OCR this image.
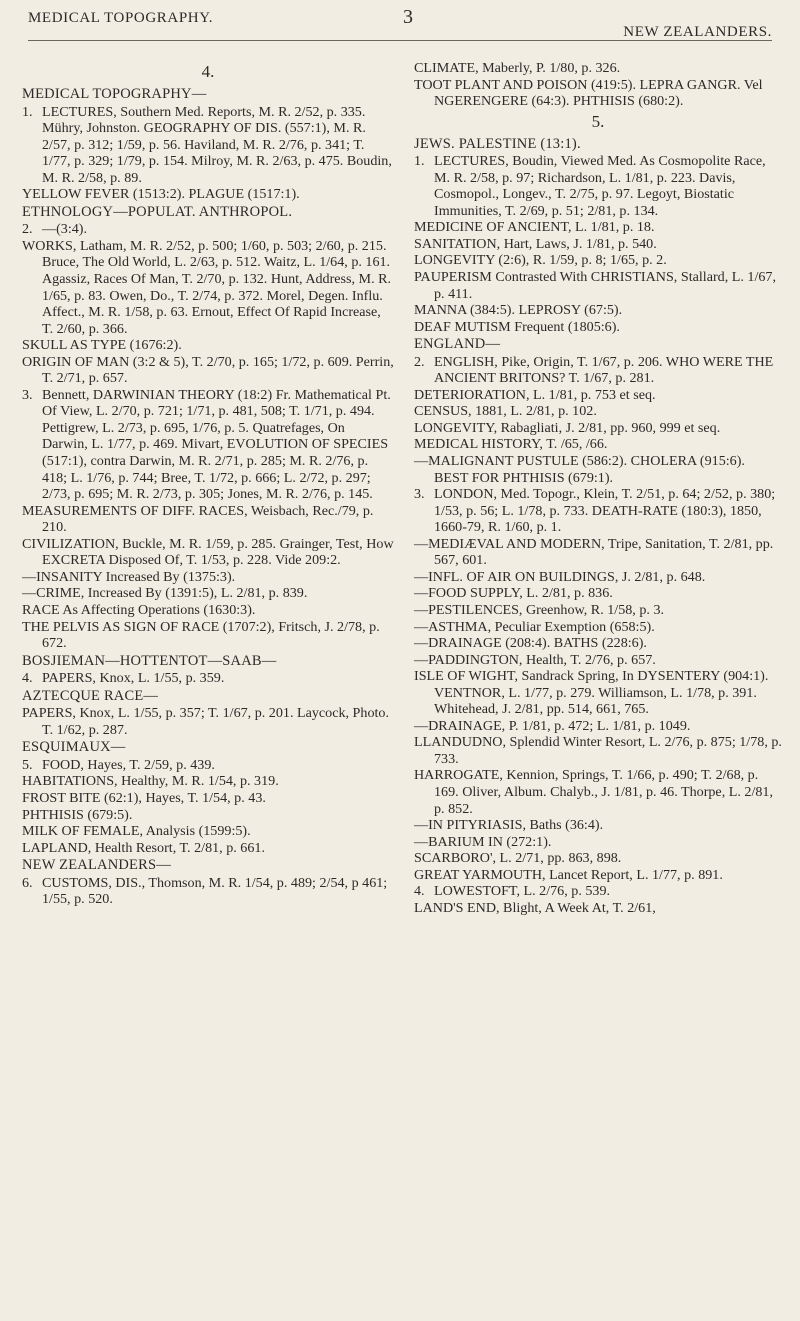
MEDICAL TOPOGRAPHY.	3
NEW ZEALANDERS.
4.
MEDICAL TOPOGRAPHY—
1. LECTURES, Southern Med. Reports, M. R. 2/52, p. 335. Mühry, Johnston. GEOGRAPHY OF DIS. (557:1), M. R. 2/57, p. 312; 1/59, p. 56. Haviland, M. R. 2/76, p. 341; T. 1/77, p. 329; 1/79, p. 154. Milroy, M. R. 2/63, p. 475. Boudin, M. R. 2/58, p. 89.
YELLOW FEVER (1513:2). PLAGUE (1517:1).
ETHNOLOGY—POPULAT. ANTHROPOL.
2. —(3:4).
WORKS, Latham, M. R. 2/52, p. 500; 1/60, p. 503; 2/60, p. 215. Bruce, The Old World, L. 2/63, p. 512. Waitz, L. 1/64, p. 161. Agassiz, Races Of Man, T. 2/70, p. 132. Hunt, Address, M. R. 1/65, p. 83. Owen, Do., T. 2/74, p. 372. Morel, Degen. Influ. Affect., M. R. 1/58, p. 63. Ernout, Effect Of Rapid Increase, T. 2/60, p. 366.
SKULL AS TYPE (1676:2).
ORIGIN OF MAN (3:2 & 5), T. 2/70, p. 165; 1/72, p. 609. Perrin, T. 2/71, p. 657.
3. Bennett, DARWINIAN THEORY (18:2) Fr. Mathematical Pt. Of View, L. 2/70, p. 721; 1/71, p. 481, 508; T. 1/71, p. 494. Pettigrew, L. 2/73, p. 695, 1/76, p. 5. Quatrefages, On Darwin, L. 1/77, p. 469. Mivart, EVOLUTION OF SPECIES (517:1), contra Darwin, M. R. 2/71, p. 285; M. R. 2/76, p. 418; L. 1/76, p. 744; Bree, T. 1/72, p. 666; L. 2/72, p. 297; 2/73, p. 695; M. R. 2/73, p. 305; Jones, M. R. 2/76, p. 145.
MEASUREMENTS OF DIFF. RACES, Weisbach, Rec./79, p. 210.
CIVILIZATION, Buckle, M. R. 1/59, p. 285. Grainger, Test, How EXCRETA Disposed Of, T. 1/53, p. 228. Vide 209:2.
—INSANITY Increased By (1375:3).
—CRIME, Increased By (1391:5), L. 2/81, p. 839.
RACE As Affecting Operations (1630:3).
THE PELVIS AS SIGN OF RACE (1707:2), Fritsch, J. 2/78, p. 672.
BOSJIEMAN—HOTTENTOT—SAAB—
4. PAPERS, Knox, L. 1/55, p. 359.
AZTECQUE RACE—
PAPERS, Knox, L. 1/55, p. 357; T. 1/67, p. 201. Laycock, Photo. T. 1/62, p. 287.
ESQUIMAUX—
5. FOOD, Hayes, T. 2/59, p. 439.
HABITATIONS, Healthy, M. R. 1/54, p. 319.
FROST BITE (62:1), Hayes, T. 1/54, p. 43.
PHTHISIS (679:5).
MILK OF FEMALE, Analysis (1599:5).
LAPLAND, Health Resort, T. 2/81, p. 661.
NEW ZEALANDERS—
6. CUSTOMS, DIS., Thomson, M. R. 1/54, p. 489; 2/54, p 461; 1/55, p. 520.
CLIMATE, Maberly, P. 1/80, p. 326.
TOOT PLANT AND POISON (419:5). LEPRA GANGR. Vel NGERENGERE (64:3). PHTHISIS (680:2).
5.
JEWS. PALESTINE (13:1).
1. LECTURES, Boudin, Viewed Med. As Cosmopolite Race, M. R. 2/58, p. 97; Richardson, L. 1/81, p. 223. Davis, Cosmopol., Longev., T. 2/75, p. 97. Legoyt, Biostatic Immunities, T. 2/69, p. 51; 2/81, p. 134.
MEDICINE OF ANCIENT, L. 1/81, p. 18.
SANITATION, Hart, Laws, J. 1/81, p. 540.
LONGEVITY (2:6), R. 1/59, p. 8; 1/65, p. 2.
PAUPERISM Contrasted With CHRISTIANS, Stallard, L. 1/67, p. 411.
MANNA (384:5). LEPROSY (67:5).
DEAF MUTISM Frequent (1805:6).
ENGLAND—
2. ENGLISH, Pike, Origin, T. 1/67, p. 206. WHO WERE THE ANCIENT BRITONS? T. 1/67, p. 281.
DETERIORATION, L. 1/81, p. 753 et seq.
CENSUS, 1881, L. 2/81, p. 102.
LONGEVITY, Rabagliati, J. 2/81, pp. 960, 999 et seq.
MEDICAL HISTORY, T. /65, /66.
—MALIGNANT PUSTULE (586:2). CHOLERA (915:6). BEST FOR PHTHISIS (679:1).
3. LONDON, Med. Topogr., Klein, T. 2/51, p. 64; 2/52, p. 380; 1/53, p. 56; L. 1/78, p. 733. DEATH-RATE (180:3), 1850, 1660-79, R. 1/60, p. 1.
—MEDIÆVAL AND MODERN, Tripe, Sanitation, T. 2/81, pp. 567, 601.
—INFL. OF AIR ON BUILDINGS, J. 2/81, p. 648.
—FOOD SUPPLY, L. 2/81, p. 836.
—PESTILENCES, Greenhow, R. 1/58, p. 3.
—ASTHMA, Peculiar Exemption (658:5).
—DRAINAGE (208:4). BATHS (228:6).
—PADDINGTON, Health, T. 2/76, p. 657.
ISLE OF WIGHT, Sandrack Spring, In DYSENTERY (904:1). VENTNOR, L. 1/77, p. 279. Williamson, L. 1/78, p. 391. Whitehead, J. 2/81, pp. 514, 661, 765.
—DRAINAGE, P. 1/81, p. 472; L. 1/81, p. 1049.
LLANDUDNO, Splendid Winter Resort, L. 2/76, p. 875; 1/78, p. 733.
HARROGATE, Kennion, Springs, T. 1/66, p. 490; T. 2/68, p. 169. Oliver, Album. Chalyb., J. 1/81, p. 46. Thorpe, L. 2/81, p. 852.
—IN PITYRIASIS, Baths (36:4).
—BARIUM IN (272:1).
SCARBORO', L. 2/71, pp. 863, 898.
GREAT YARMOUTH, Lancet Report, L. 1/77, p. 891.
4. LOWESTOFT, L. 2/76, p. 539.
LAND'S END, Blight, A Week At, T. 2/61,
